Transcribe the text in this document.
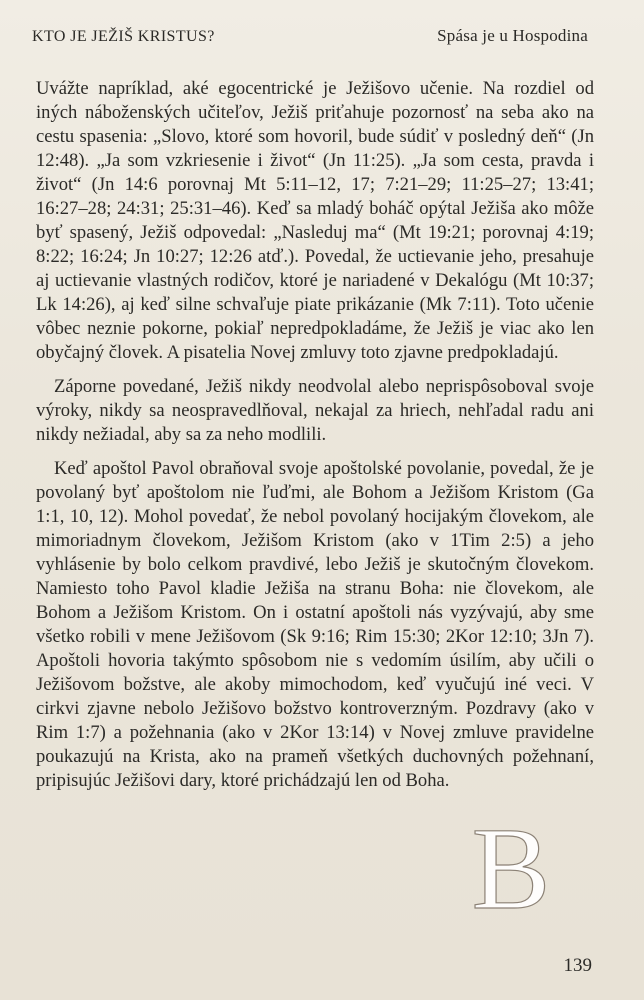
KTO JE JEŽIŠ KRISTUS?	Spása je u Hospodina

Uvážte napríklad, aké egocentrické je Ježišovo učenie. Na rozdiel od iných náboženských učiteľov, Ježiš priťahuje pozornosť na seba ako na cestu spasenia: „Slovo, ktoré som hovoril, bude súdiť v posledný deň“ (Jn 12:48). „Ja som vzkriesenie i život“ (Jn 11:25). „Ja som cesta, pravda i život“ (Jn 14:6 porovnaj Mt 5:11–12, 17; 7:21–29; 11:25–27; 13:41; 16:27–28; 24:31; 25:31–46). Keď sa mladý boháč opýtal Ježiša ako môže byť spasený, Ježiš odpovedal: „Nasleduj ma“ (Mt 19:21; porovnaj 4:19; 8:22; 16:24; Jn 10:27; 12:26 atď.). Povedal, že uctievanie jeho, presahuje aj uctievanie vlastných rodičov, ktoré je nariadené v Dekalógu (Mt 10:37; Lk 14:26), aj keď silne schvaľuje piate prikázanie (Mk 7:11). Toto učenie vôbec neznie pokorne, pokiaľ nepredpokladáme, že Ježiš je viac ako len obyčajný človek. A pisatelia Novej zmluvy toto zjavne predpokladajú.

Záporne povedané, Ježiš nikdy neodvolal alebo neprispôsoboval svoje výroky, nikdy sa neospravedlňoval, nekajal za hriech, nehľadal radu ani nikdy nežiadal, aby sa za neho modlili.

Keď apoštol Pavol obraňoval svoje apoštolské povolanie, povedal, že je povolaný byť apoštolom nie ľuďmi, ale Bohom a Ježišom Kristom (Ga 1:1, 10, 12). Mohol povedať, že nebol povolaný hocijakým človekom, ale mimoriadnym človekom, Ježišom Kristom (ako v 1Tim 2:5) a jeho vyhlásenie by bolo celkom pravdivé, lebo Ježiš je skutočným človekom. Namiesto toho Pavol kladie Ježiša na stranu Boha: nie človekom, ale Bohom a Ježišom Kristom. On i ostatní apoštoli nás vyzývajú, aby sme všetko robili v mene Ježišovom (Sk 9:16; Rim 15:30; 2Kor 12:10; 3Jn 7). Apoštoli hovoria takýmto spôsobom nie s vedomím úsilím, aby učili o Ježišovom božstve, ale akoby mimochodom, keď vyučujú iné veci. V cirkvi zjavne nebolo Ježišovo božstvo kontroverzným. Pozdravy (ako v Rim 1:7) a požehnania (ako v 2Kor 13:14) v Novej zmluve pravidelne poukazujú na Krista, ako na prameň všetkých duchovných požehnaní, pripisujúc Ježišovi dary, ktoré prichádzajú len od Boha.

B
139
